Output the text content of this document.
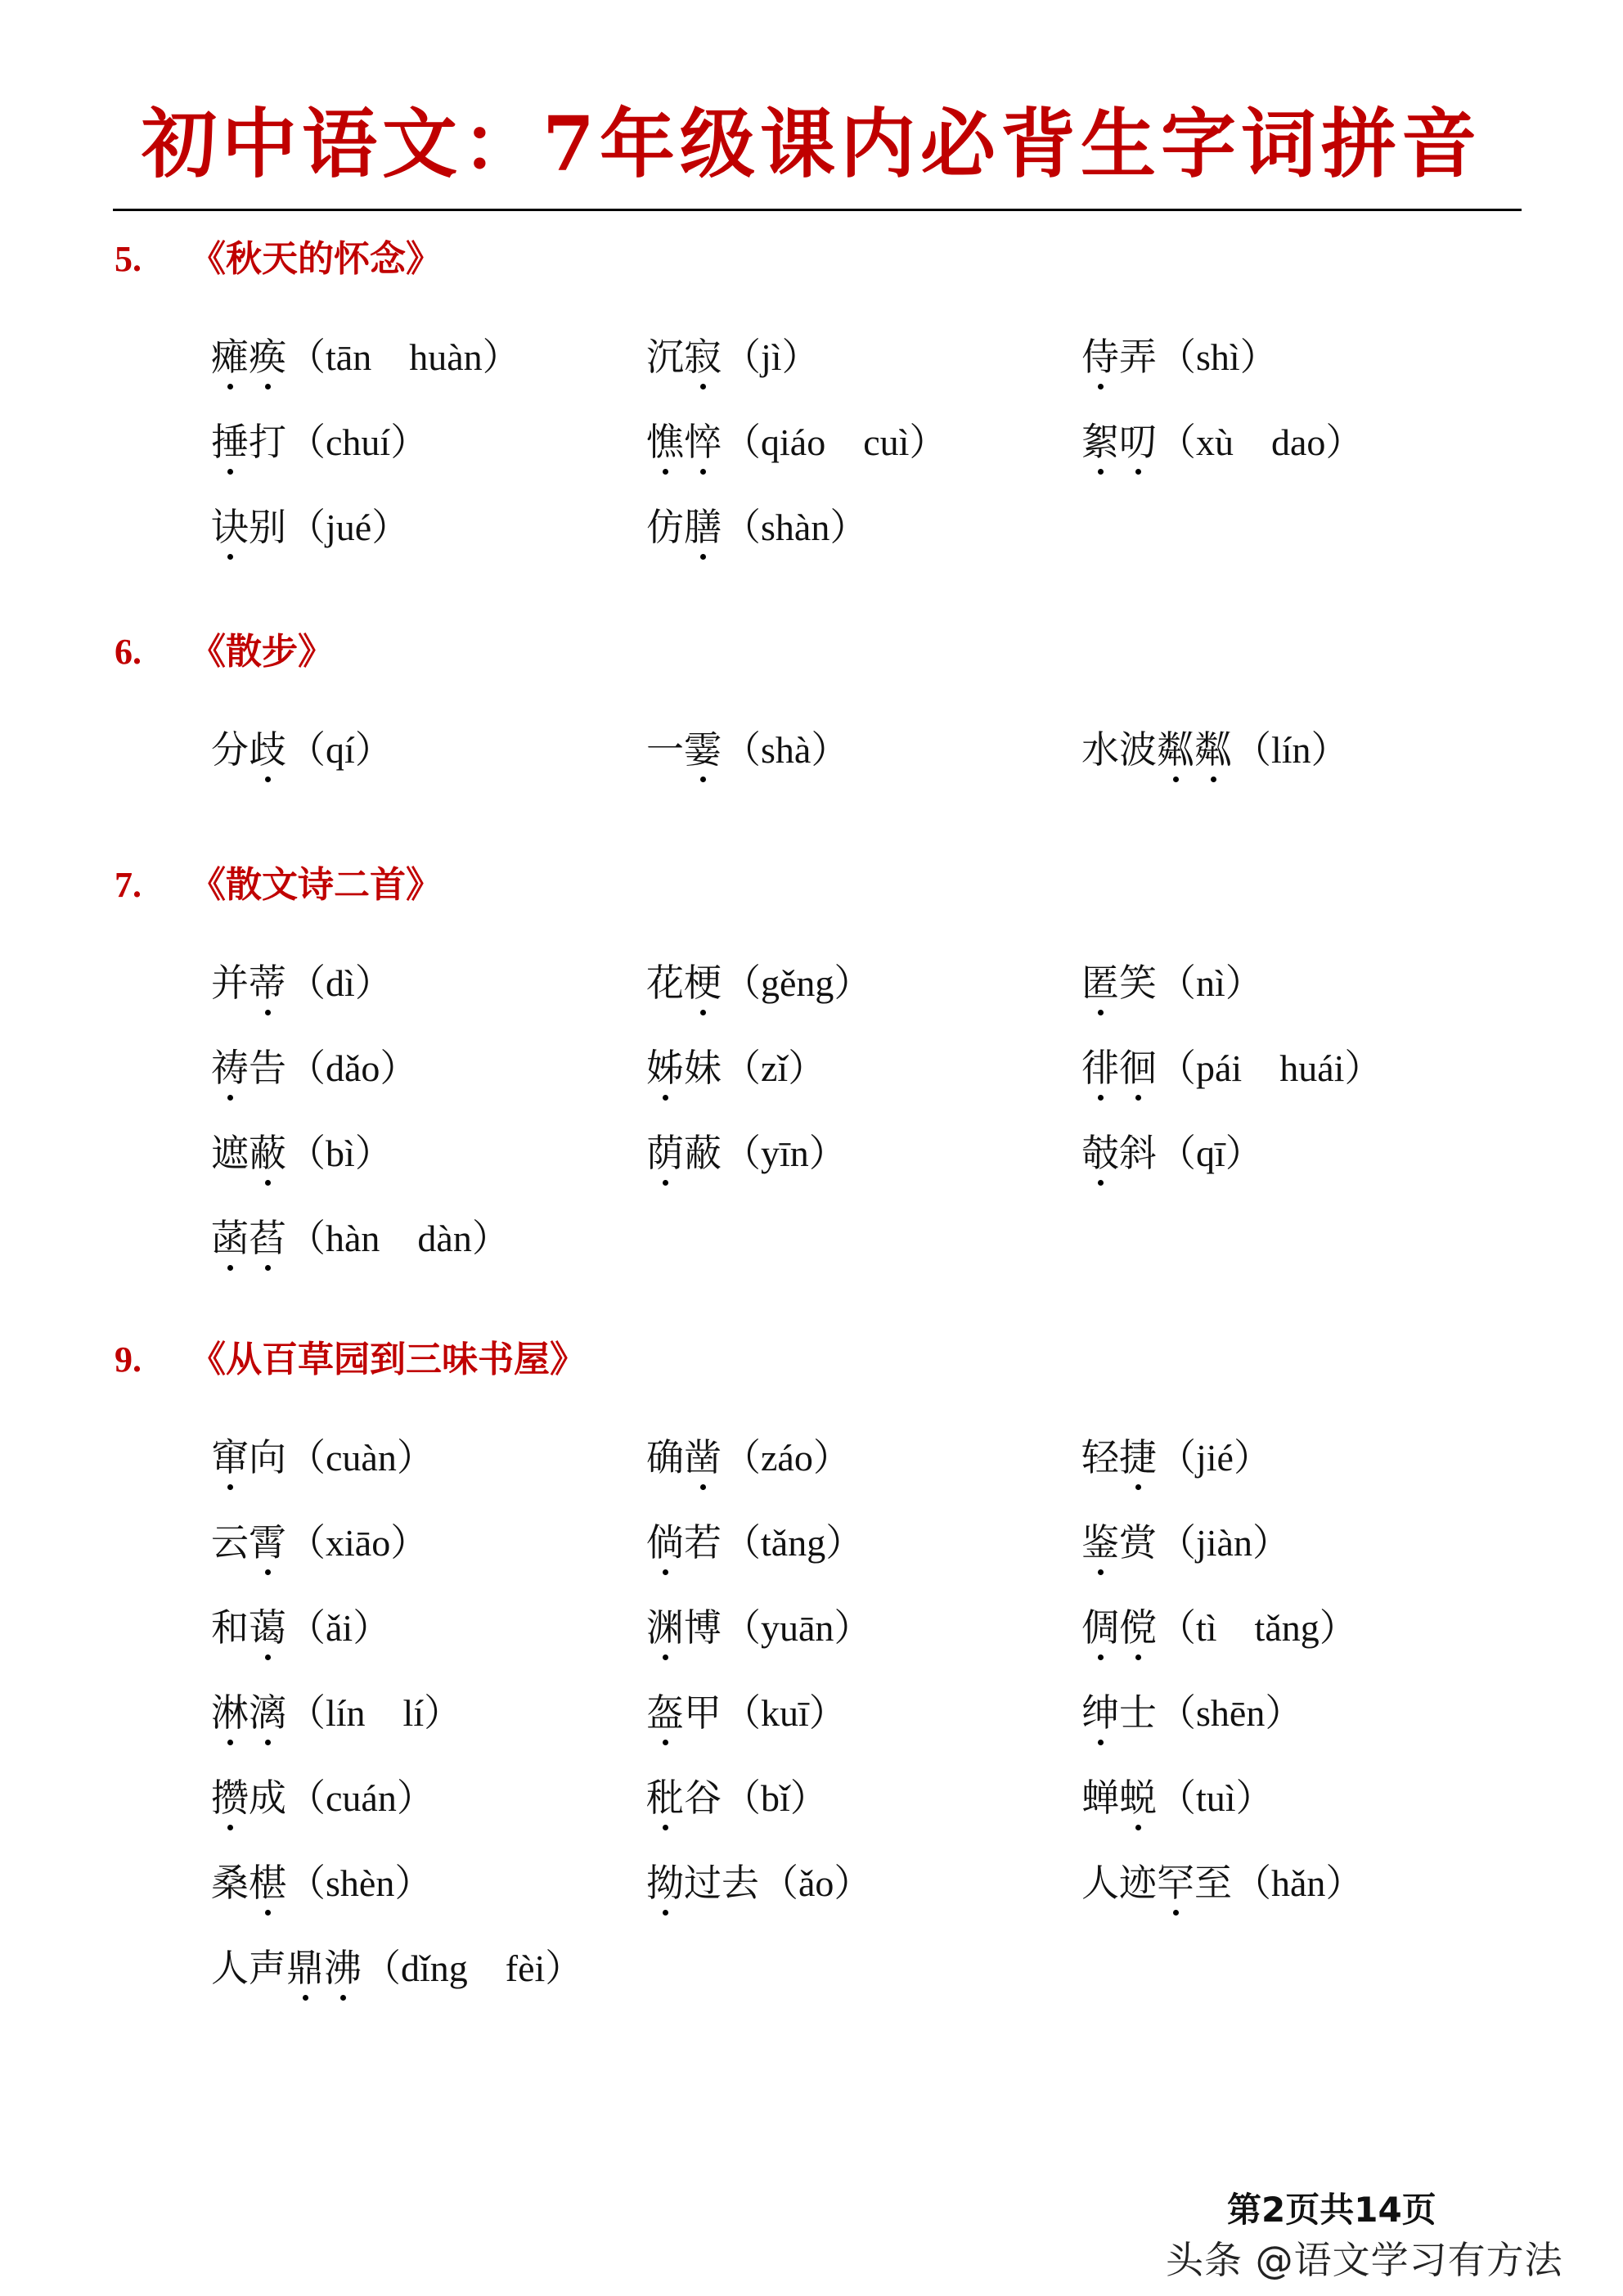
初中语文：7年级课内必背生字词拼音
5.	《秋天的怀念》
瘫 痪 （tān　huàn）	沉 寂 （jì）	侍 弄 （shì）
捶 打 （chuí）	憔 悴 （qiáo　cuì）	絮 叨 （xù　dao）
诀 别 （jué）	仿 膳 （shàn）
6.	《散步》
分 歧 （qí）	一 霎 （shà）	水 波 粼 粼 （lín）
7.	《散文诗二首》
并 蒂 （dì）	花 梗 （gěng）	匿 笑 （nì）
祷 告 （dǎo）	姊 妹 （zǐ）	徘 徊 （pái　huái）
遮 蔽 （bì）	荫 蔽 （yīn）	攲 斜 （qī）
菡 萏 （hàn　dàn）
9.	《从百草园到三味书屋》
窜 向 （cuàn）	确 凿 （záo）	轻 捷 （jié）
云 霄 （xiāo）	倘 若 （tǎng）	鉴 赏 （jiàn）
和 蔼 （ǎi）	渊 博 （yuān）	倜 傥 （tì　tǎng）
淋 漓 （lín　lí）	盔 甲 （kuī）	绅 士 （shēn）
攒 成 （cuán）	秕 谷 （bǐ）	蝉 蜕 （tuì）
桑 椹 （shèn）	拗 过 去 （ǎo）	人 迹 罕 至 （hǎn）
人 声 鼎 沸 （dǐng　fèi）
第2页共14页
头条 @语文学习有方法
